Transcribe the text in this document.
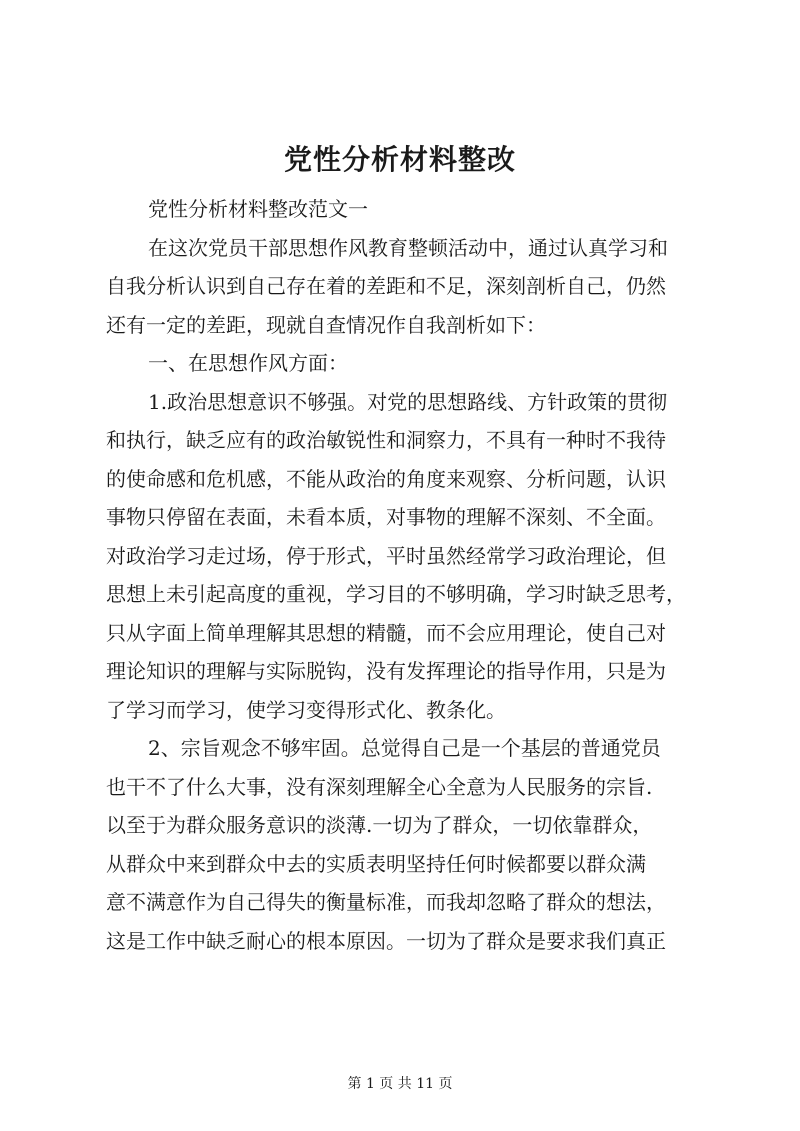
党性分析材料整改
党性分析材料整改范文一
在这次党员干部思想作风教育整顿活动中，通过认真学习和
自我分析认识到自己存在着的差距和不足，深刻剖析自己，仍然
还有一定的差距，现就自查情况作自我剖析如下：
一、在思想作风方面：
1.政治思想意识不够强。对党的思想路线、方针政策的贯彻
和执行，缺乏应有的政治敏锐性和洞察力，不具有一种时不我待
的使命感和危机感，不能从政治的角度来观察、分析问题，认识
事物只停留在表面，未看本质，对事物的理解不深刻、不全面。
对政治学习走过场，停于形式，平时虽然经常学习政治理论，但
思想上未引起高度的重视，学习目的不够明确，学习时缺乏思考，
只从字面上简单理解其思想的精髓，而不会应用理论，使自己对
理论知识的理解与实际脱钩，没有发挥理论的指导作用，只是为
了学习而学习，使学习变得形式化、教条化。
2、宗旨观念不够牢固。总觉得自己是一个基层的普通党员
也干不了什么大事，没有深刻理解全心全意为人民服务的宗旨.
以至于为群众服务意识的淡薄.一切为了群众，一切依靠群众，
从群众中来到群众中去的实质表明坚持任何时候都要以群众满
意不满意作为自己得失的衡量标准，而我却忽略了群众的想法，
这是工作中缺乏耐心的根本原因。一切为了群众是要求我们真正
第 1 页 共 11 页
